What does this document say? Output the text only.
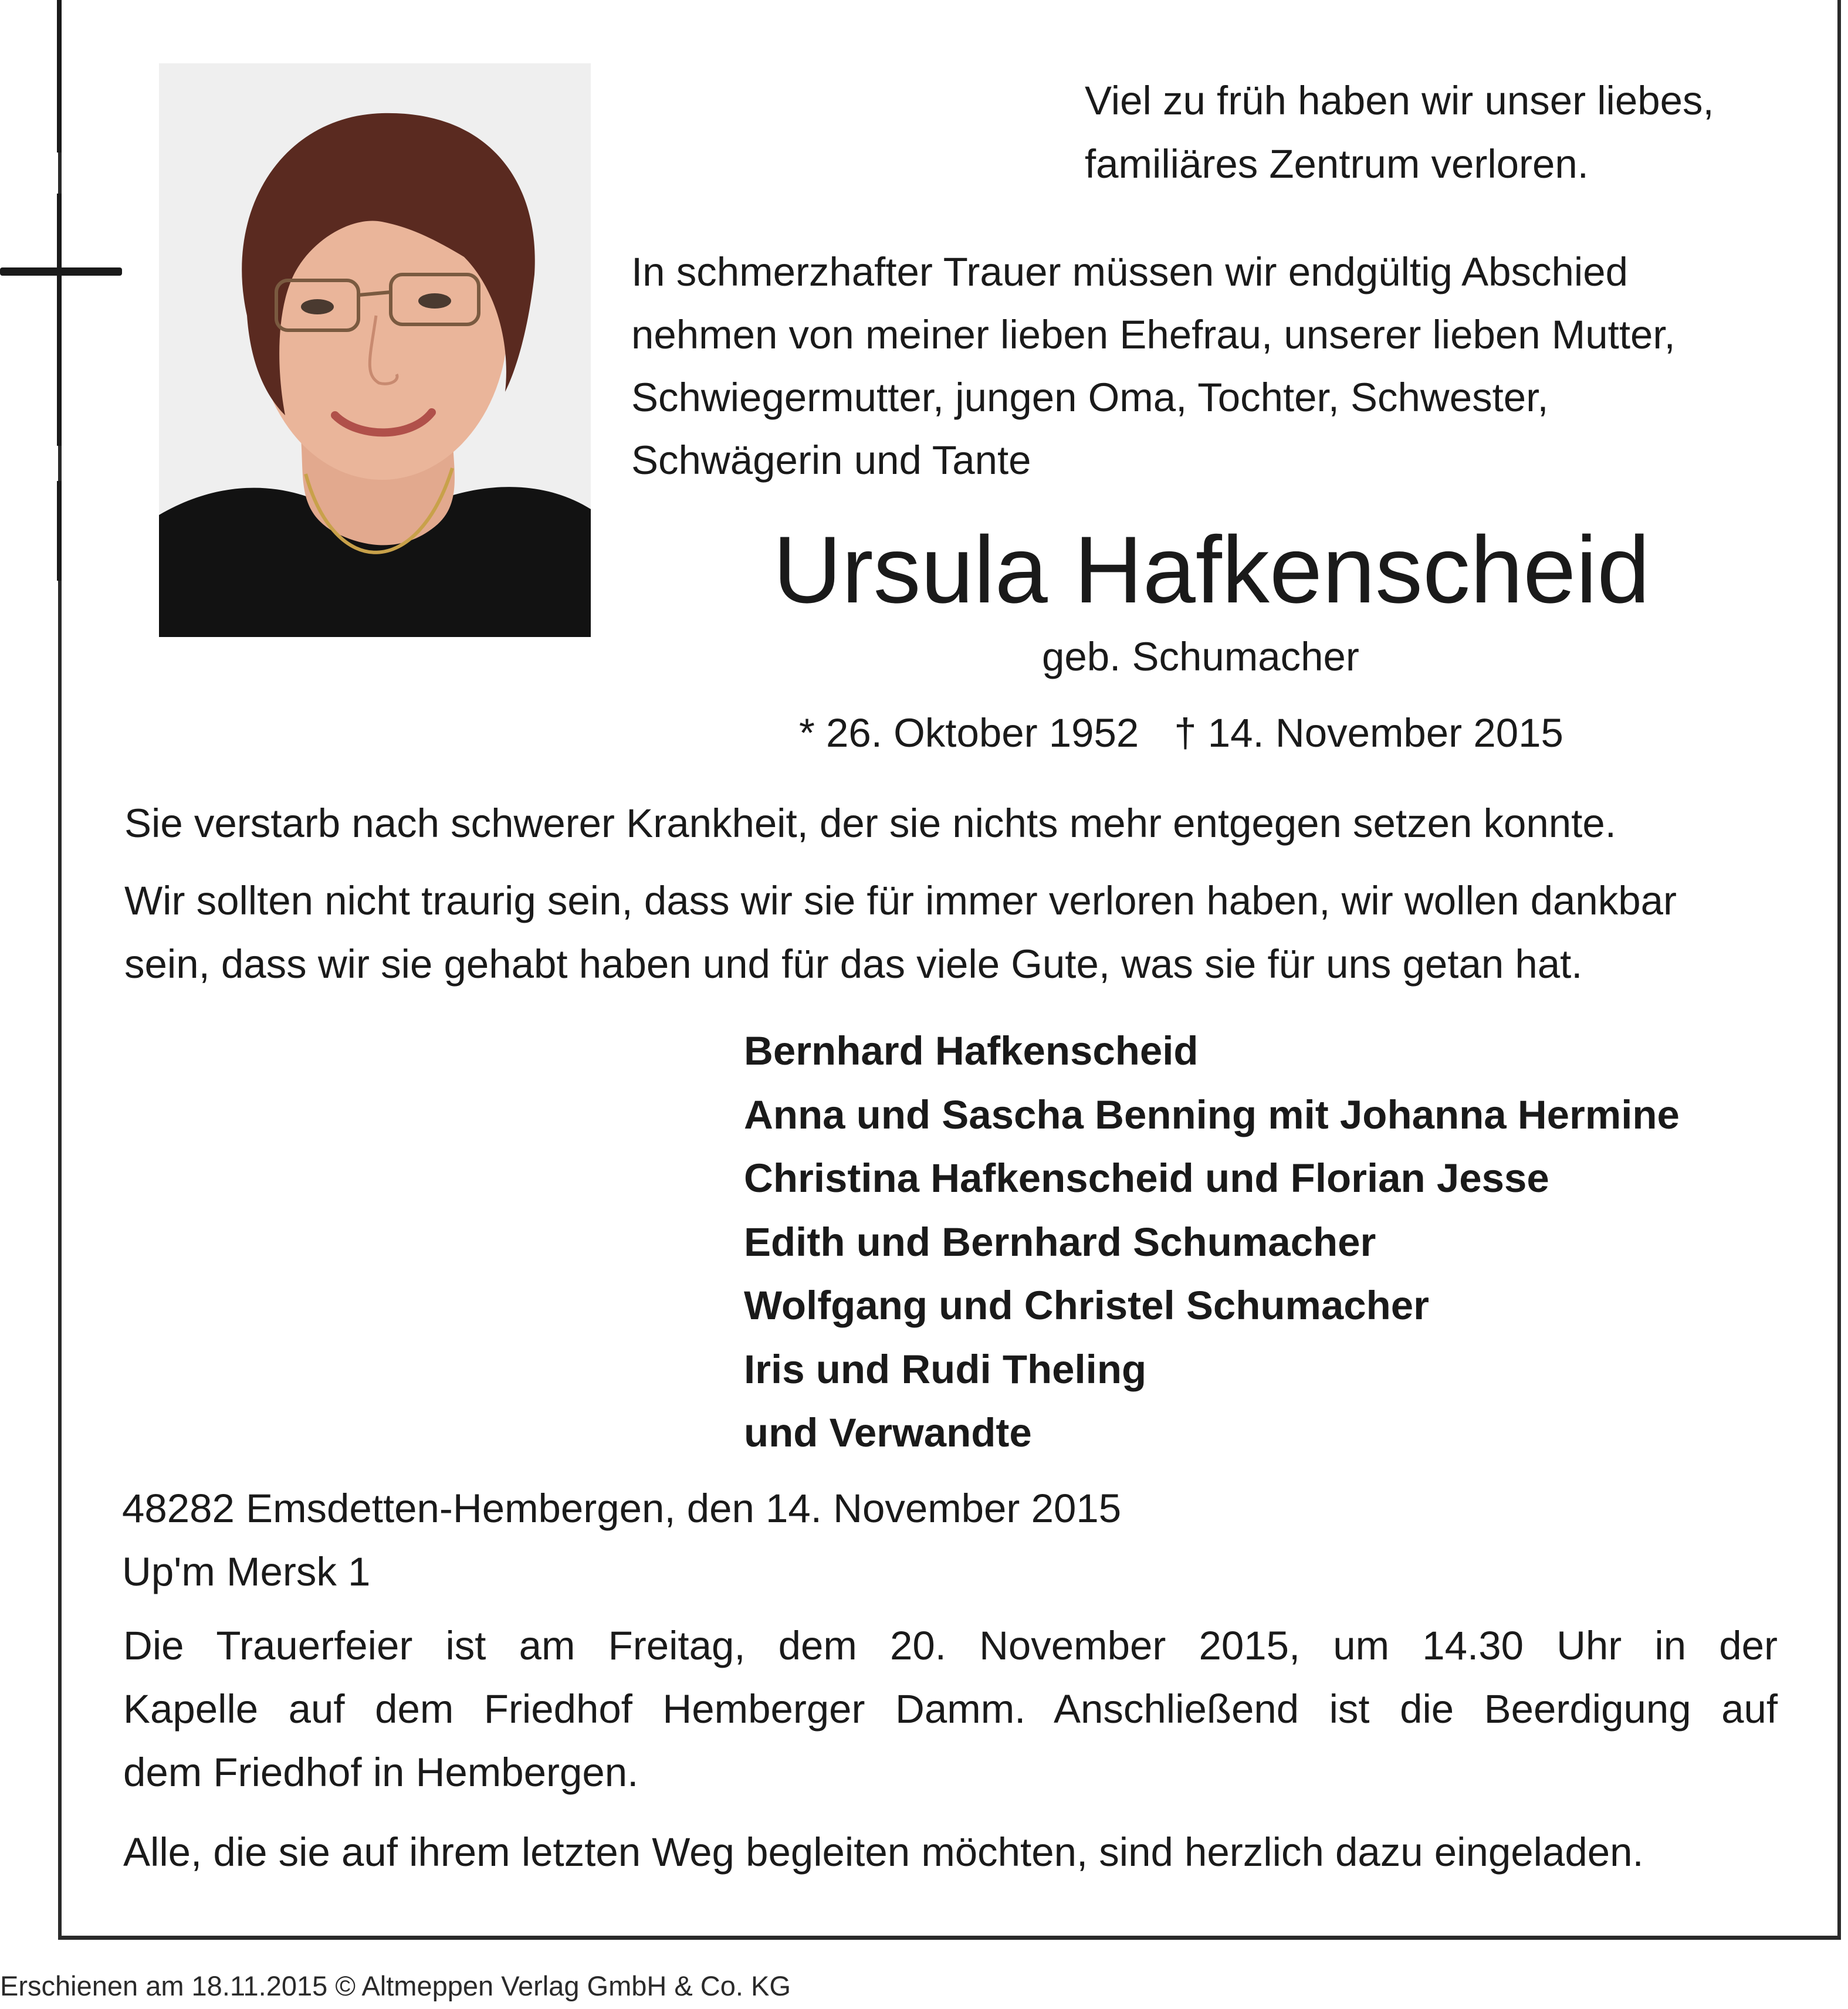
Viel zu früh haben wir unser liebes,
familiäres Zentrum verloren.
In schmerzhafter Trauer müssen wir endgültig Abschied
nehmen von meiner lieben Ehefrau, unserer lieben Mutter,
Schwiegermutter, jungen Oma, Tochter, Schwester,
Schwägerin und Tante
Ursula Hafkenscheid
geb. Schumacher
* 26. Oktober 1952 † 14. November 2015
Sie verstarb nach schwerer Krankheit, der sie nichts mehr entgegen setzen konnte.
Wir sollten nicht traurig sein, dass wir sie für immer verloren haben, wir wollen dankbar
sein, dass wir sie gehabt haben und für das viele Gute, was sie für uns getan hat.
Bernhard Hafkenscheid
Anna und Sascha Benning mit Johanna Hermine
Christina Hafkenscheid und Florian Jesse
Edith und Bernhard Schumacher
Wolfgang und Christel Schumacher
Iris und Rudi Theling
und Verwandte
48282 Emsdetten-Hembergen, den 14. November 2015
Up'm Mersk 1
Die Trauerfeier ist am Freitag, dem 20. November 2015, um 14.30 Uhr in der
Kapelle auf dem Friedhof Hemberger Damm. Anschließend ist die Beerdigung auf
dem Friedhof in Hembergen.
Alle, die sie auf ihrem letzten Weg begleiten möchten, sind herzlich dazu eingeladen.
Erschienen am 18.11.2015 © Altmeppen Verlag GmbH & Co. KG
